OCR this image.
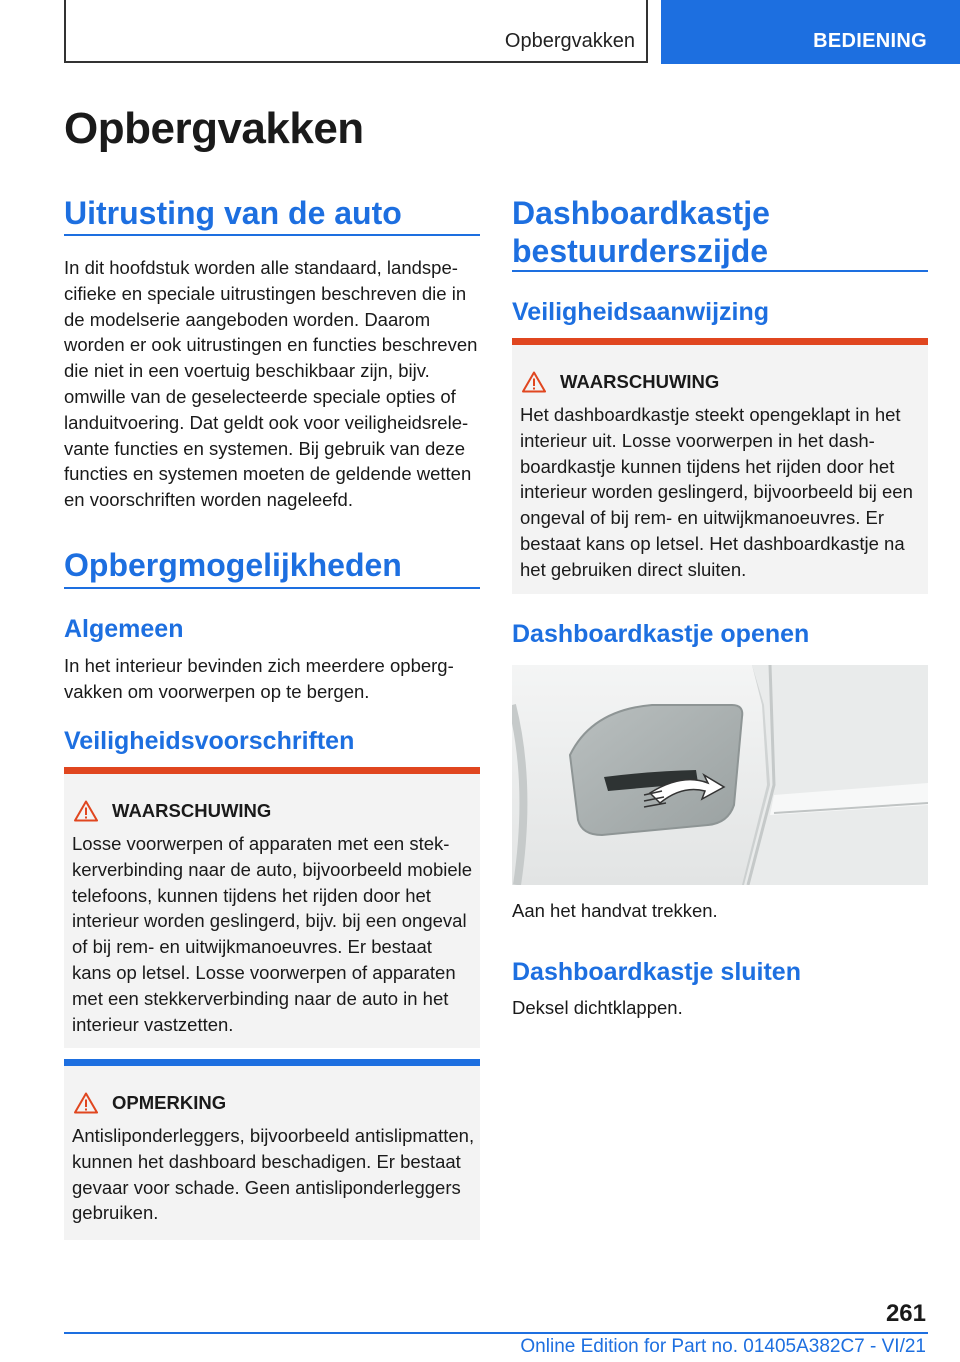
Opbergvakken	BEDIENING
Opbergvakken
Uitrusting van de auto
In dit hoofdstuk worden alle standaard, landspecifieke en speciale uitrustingen beschreven die in de modelserie aangeboden worden. Daarom worden er ook uitrustingen en functies beschreven die niet in een voertuig beschikbaar zijn, bijv. omwille van de geselecteerde speciale opties of landuitvoering. Dat geldt ook voor veiligheidsrelevante functies en systemen. Bij gebruik van deze functies en systemen moeten de geldende wetten en voorschriften worden nageleefd.
Opbergmogelijkheden
Algemeen
In het interieur bevinden zich meerdere opbergvakken om voorwerpen op te bergen.
Veiligheidsvoorschriften
WAARSCHUWING
Losse voorwerpen of apparaten met een stekkerverbinding naar de auto, bijvoorbeeld mobiele telefoons, kunnen tijdens het rijden door het interieur worden geslingerd, bijv. bij een ongeval of bij rem- en uitwijkmanoeuvres. Er bestaat kans op letsel. Losse voorwerpen of apparaten met een stekkerverbinding naar de auto in het interieur vastzetten.
OPMERKING
Antisliponderleggers, bijvoorbeeld antislipmatten, kunnen het dashboard beschadigen. Er bestaat gevaar voor schade. Geen antisliponderleggers gebruiken.
Dashboardkastje bestuurderszijde
Veiligheidsaanwijzing
WAARSCHUWING
Het dashboardkastje steekt opengeklapt in het interieur uit. Losse voorwerpen in het dashboardkastje kunnen tijdens het rijden door het interieur worden geslingerd, bijvoorbeeld bij een ongeval of bij rem- en uitwijkmanoeuvres. Er bestaat kans op letsel. Het dashboardkastje na het gebruiken direct sluiten.
Dashboardkastje openen
Aan het handvat trekken.
Dashboardkastje sluiten
Deksel dichtklappen.
261
Online Edition for Part no. 01405A382C7 - VI/21
